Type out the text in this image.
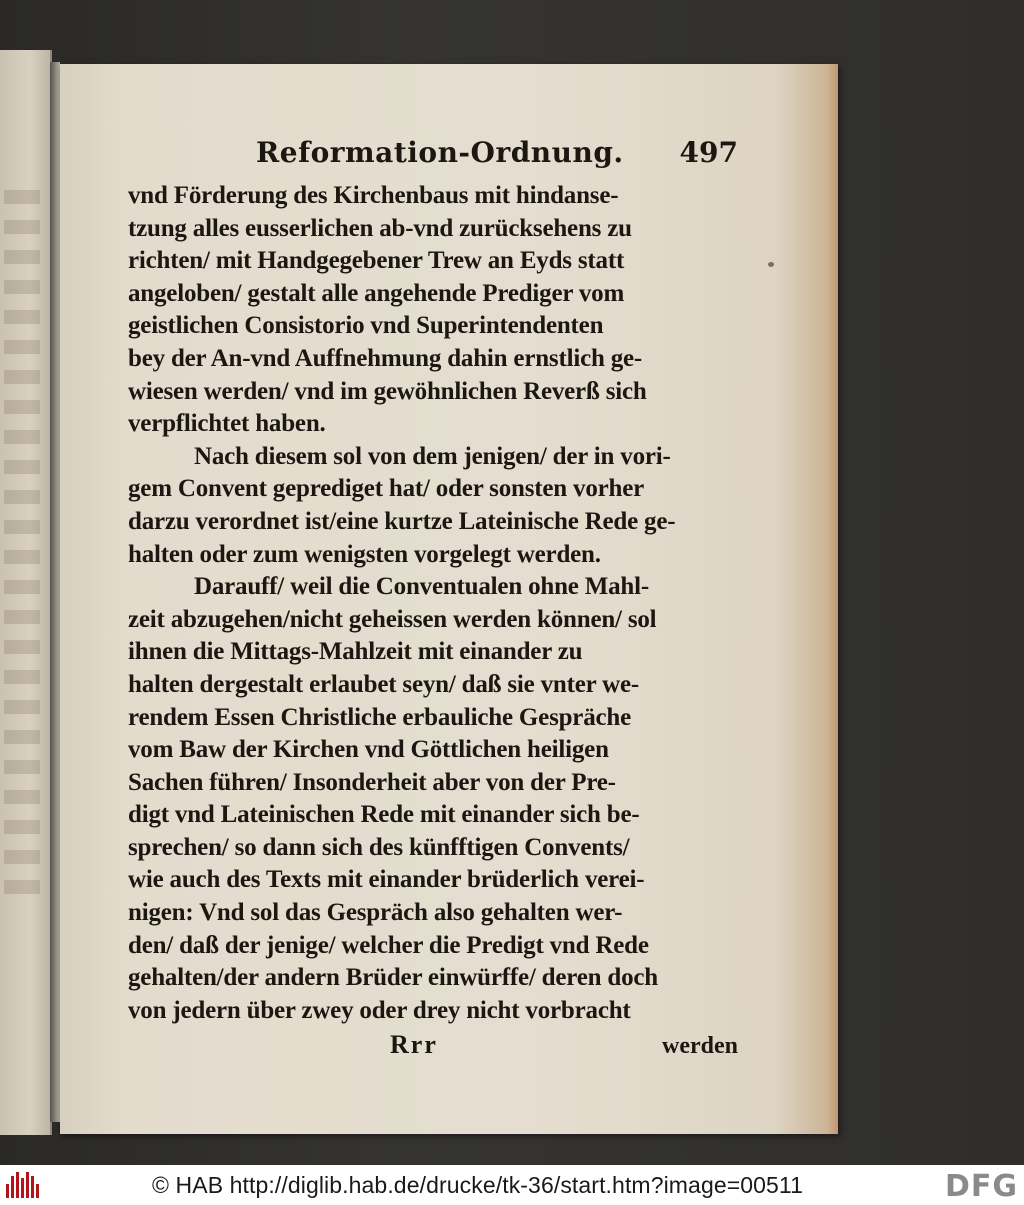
Reformation-Ordnung. 497
vnd Förderung des Kirchenbaus mit hindanse-
tzung alles eusserlichen ab-vnd zurücksehens zu
richten/ mit Handgegebener Trew an Eyds statt
angeloben/ gestalt alle angehende Prediger vom
geistlichen Consistorio vnd Superintendenten
bey der An-vnd Auffnehmung dahin ernstlich ge-
wiesen werden/ vnd im gewöhnlichen Reverß sich
verpflichtet haben.
Nach diesem sol von dem jenigen/ der in vori-
gem Convent geprediget hat/ oder sonsten vorher
darzu verordnet ist/eine kurtze Lateinische Rede ge-
halten oder zum wenigsten vorgelegt werden.
Darauff/ weil die Conventualen ohne Mahl-
zeit abzugehen/nicht geheissen werden können/ sol
ihnen die Mittags-Mahlzeit mit einander zu
halten dergestalt erlaubet seyn/ daß sie vnter we-
rendem Essen Christliche erbauliche Gespräche
vom Baw der Kirchen vnd Göttlichen heiligen
Sachen führen/ Insonderheit aber von der Pre-
digt vnd Lateinischen Rede mit einander sich be-
sprechen/ so dann sich des künfftigen Convents/
wie auch des Texts mit einander brüderlich verei-
nigen: Vnd sol das Gespräch also gehalten wer-
den/ daß der jenige/ welcher die Predigt vnd Rede
gehalten/der andern Brüder einwürffe/ deren doch
von jedern über zwey oder drey nicht vorbracht
Rrr	werden
© HAB http://diglib.hab.de/drucke/tk-36/start.htm?image=00511	DFG
